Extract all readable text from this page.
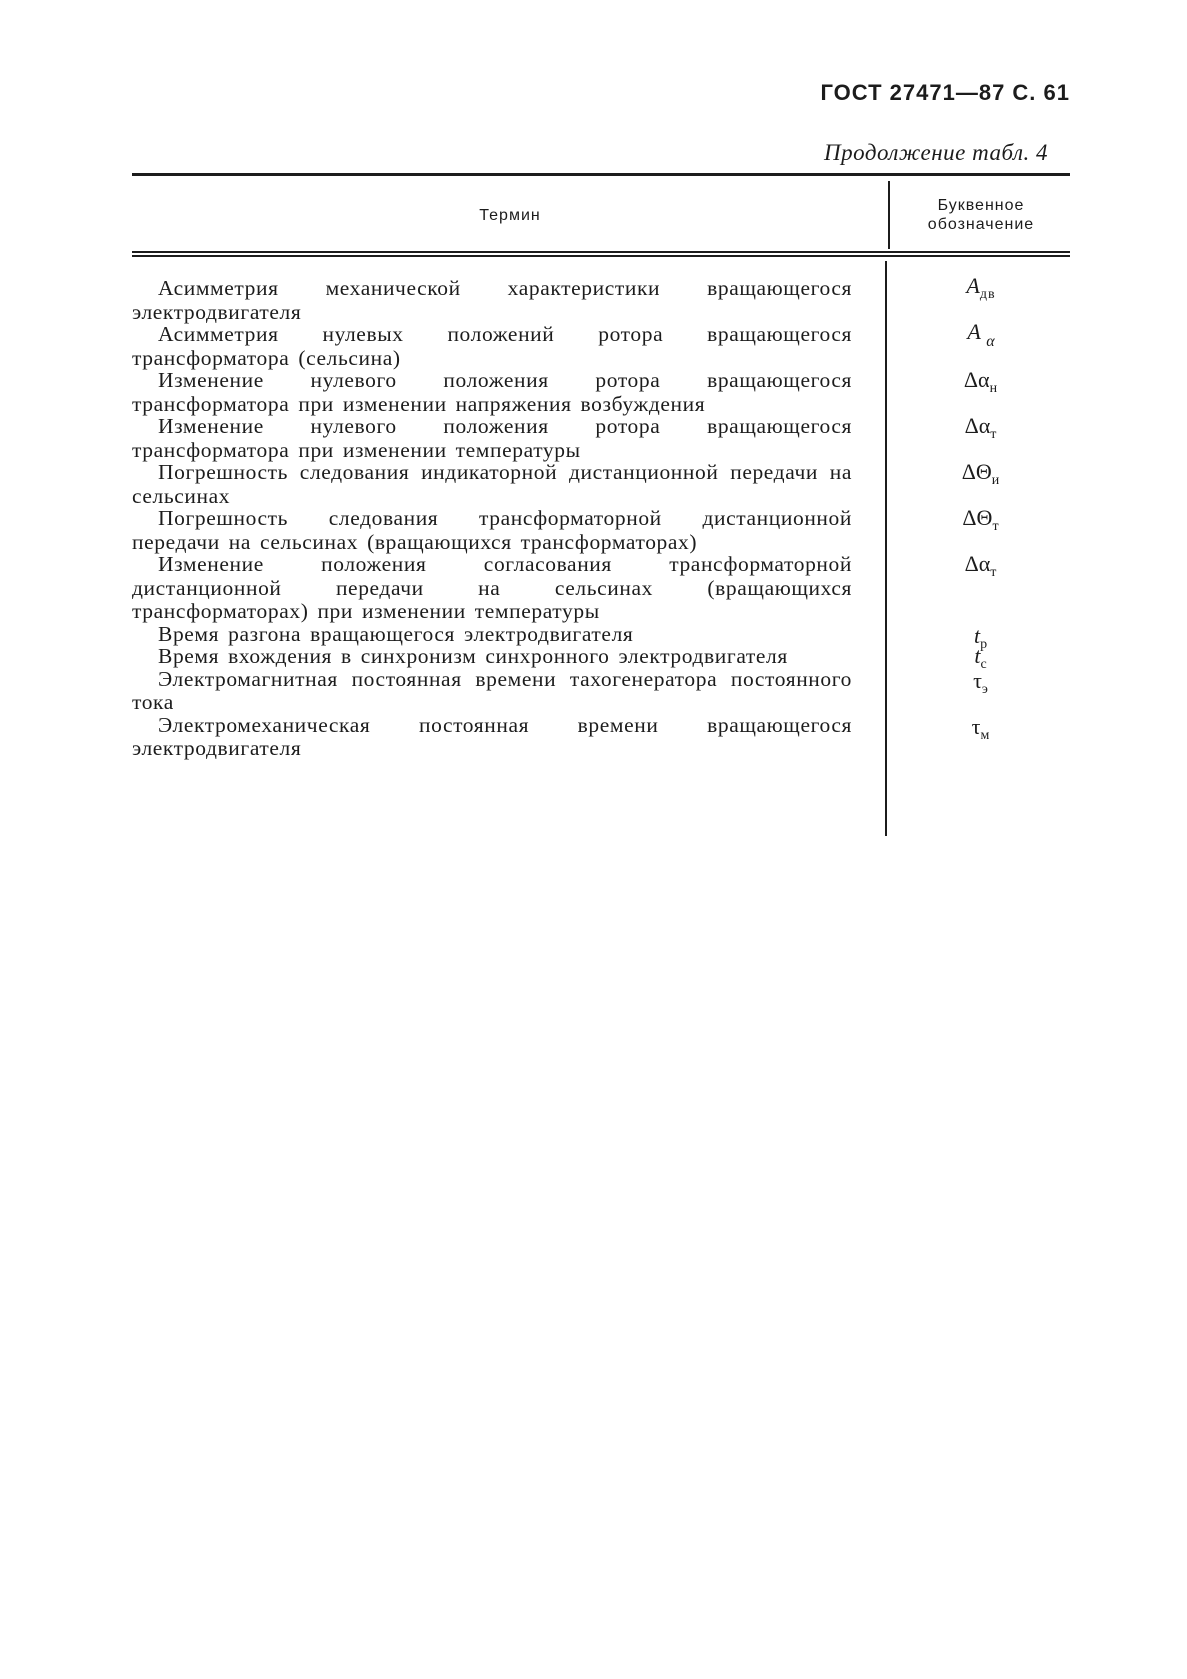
ГОСТ 27471—87 С. 61
Продолжение табл. 4
Термин
Буквенное
обозначение
Асимметрия механической характеристики вращающегося электродвигателя
$A_{дв}$
Асимметрия нулевых положений ротора вращающегося трансформатора (сельсина)
A $_\alpha$
Изменение нулевого положения ротора вращающегося трансформатора при изменении напряжения возбуждения
$\Delta\alpha_н$
Изменение нулевого положения ротора вращающегося трансформатора при изменении температуры
$\Delta\alpha_т$
Погрешность следования индикаторной дистанционной передачи на сельсинах
$\Delta\Theta_и$
Погрешность следования трансформаторной дистанционной передачи на сельсинах (вращающихся трансформаторах)
$\Delta\Theta_т$
Изменение положения согласования трансформаторной дистанционной передачи на сельсинах (вращающихся трансформаторах) при изменении температуры
$\Delta\alpha_т$
Время разгона вращающегося электродвигателя	$t_р$
Время вхождения в синхронизм синхронного электродвигателя	$t_с$
Электромагнитная постоянная времени тахогенератора постоянного тока
$\tau_э$
Электромеханическая постоянная времени вращающегося электродвигателя
$\tau_м$
